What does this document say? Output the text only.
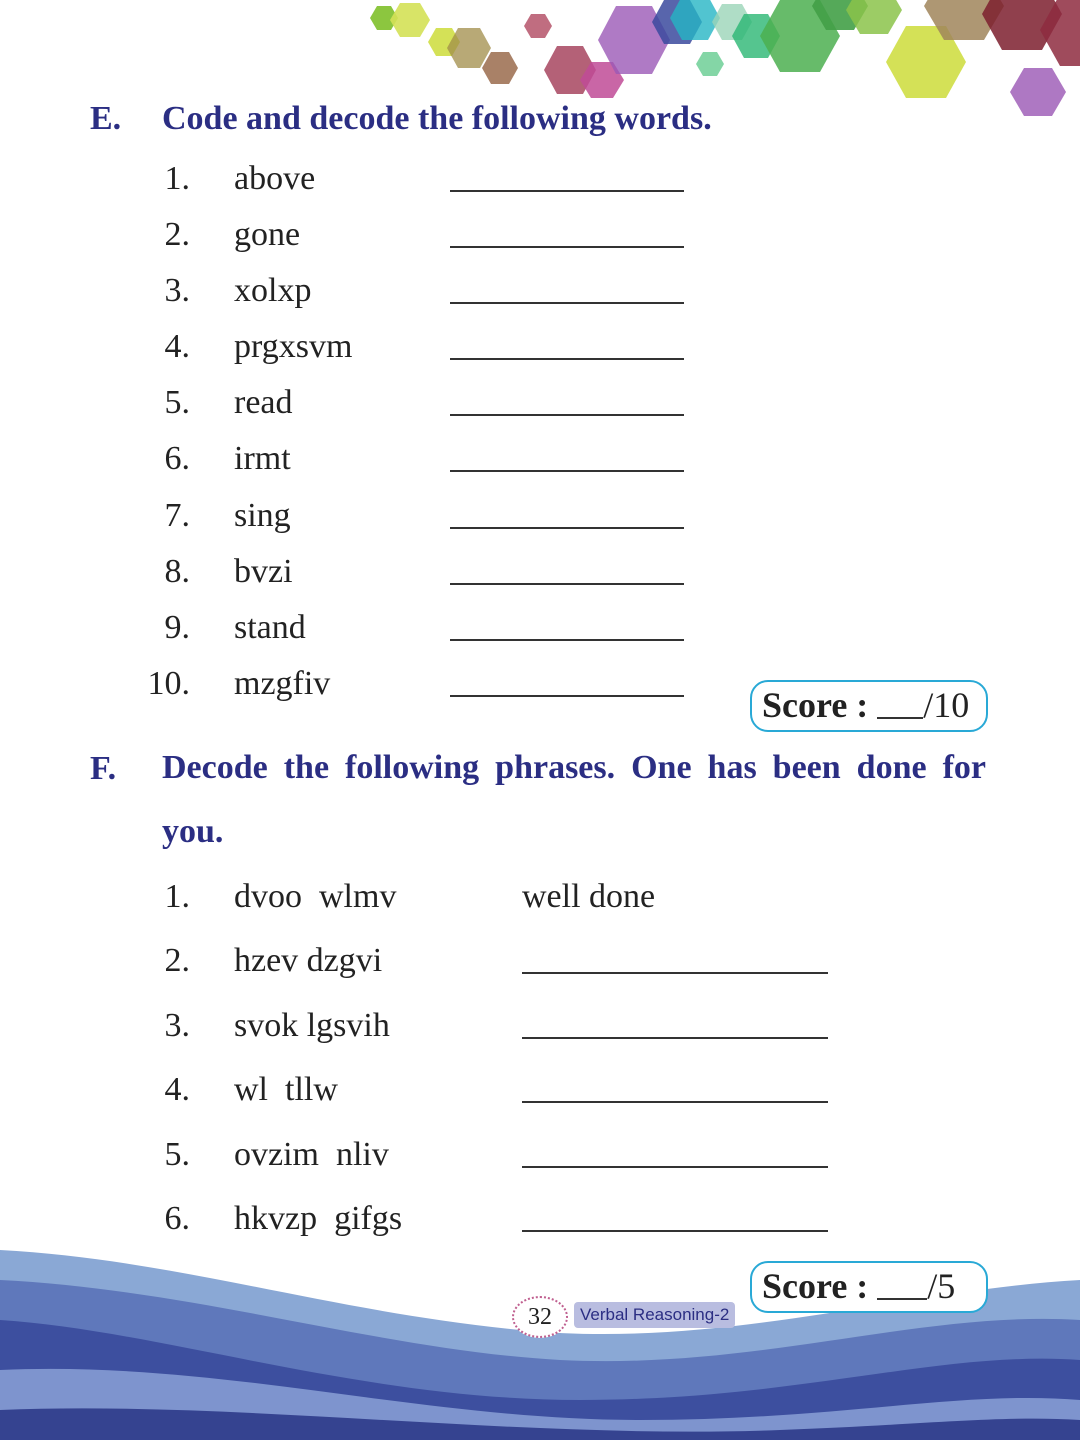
E. Code and decode the following words.
1. above
2. gone
3. xolxp
4. prgxsvm
5. read
6. irmt
7. sing
8. bvzi
9. stand
10. mzgfiv
Score : /10
F. Decode the following phrases. One has been done for you.
1. dvoo  wlmv	well done
2. hzev dzgvi
3. svok lgsvih
4. wl  tllw
5. ovzim  nliv
6. hkvzp  gifgs
Score : /5
32	Verbal Reasoning-2
